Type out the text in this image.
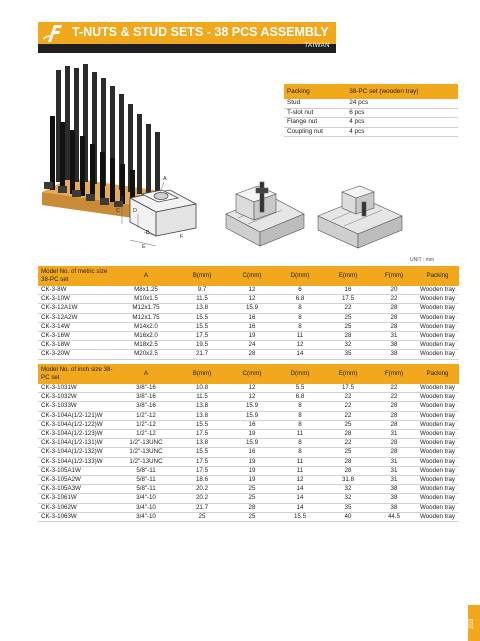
T-NUTS & STUD SETS - 38 PCS ASSEMBLY
TAIWAN
Packing	38-PC set (wooden tray)
Stud	24 pcs
T-slot nut	6 pcs
Flange nut	4 pcs
Coupling nut	4 pcs
A
C D
B
F
E
UNIT : mm
Model No. of metric size 38-PC set	A	B(mm)	C(mm)	D(mm)	E(mm)	F(mm)	Packing
CK-3-8W	M8x1.25	9.7	12	6	16	20	Wooden tray
CK-3-10W	M10x1.5	11.5	12	6.8	17.5	22	Wooden tray
CK-3-12A1W	M12x1.75	13.8	15.9	8	22	28	Wooden tray
CK-3-12A2W	M12x1.75	15.5	16	8	25	28	Wooden tray
CK-3-14W	M14x2.0	15.5	16	8	25	28	Wooden tray
CK-3-16W	M16x2.0	17.5	19	11	28	31	Wooden tray
CK-3-18W	M18x2.5	19.5	24	12	32	38	Wooden tray
CK-3-20W	M20x2.5	21.7	28	14	35	38	Wooden tray
Model No. of inch size 38-PC set	A	B(mm)	C(mm)	D(mm)	E(mm)	F(mm)	Packing
CK-3-1031W	3/8"-16	10.8	12	5.5	17.5	22	Wooden tray
CK-3-1032W	3/8"-16	11.5	12	6.8	22	22	Wooden tray
CK-3-1033W	3/8"-16	13.8	15.9	8	22	28	Wooden tray
CK-3-104A(1/2-121)W	1/2"-12	13.8	15.9	8	22	28	Wooden tray
CK-3-104A(1/2-122)W	1/2"-12	15.5	16	8	25	28	Wooden tray
CK-3-104A(1/2-123)W	1/2"-12	17.5	19	11	28	31	Wooden tray
CK-3-104A(1/2-131)W	1/2"-13UNC	13.8	15.9	8	22	28	Wooden tray
CK-3-104A(1/2-132)W	1/2"-13UNC	15.5	16	8	25	28	Wooden tray
CK-3-104A(1/2-133)W	1/2"-13UNC	17.5	19	11	28	31	Wooden tray
CK-3-105A1W	5/8"-11	17.5	19	11	28	31	Wooden tray
CK-3-105A2W	5/8"-11	18.6	19	12	31.8	31	Wooden tray
CK-3-105A3W	5/8"-11	20.2	25	14	32	38	Wooden tray
CK-3-1061W	3/4"-10	20.2	25	14	32	38	Wooden tray
CK-3-1062W	3/4"-10	21.7	28	14	35	38	Wooden tray
CK-3-1063W	3/4"-10	25	25	15.5	40	44.5	Wooden tray
203
